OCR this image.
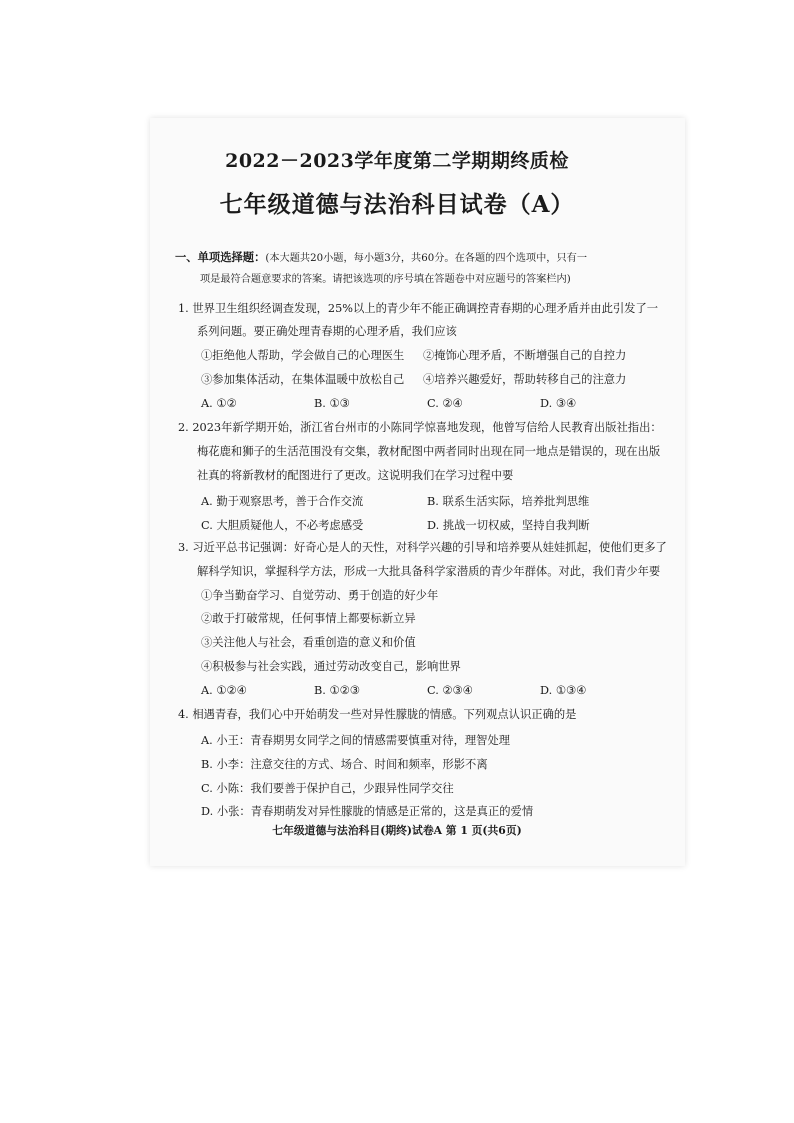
2022－2023学年度第二学期期终质检
七年级道德与法治科目试卷（A）
一、单项选择题：(本大题共20小题，每小题3分，共60分。在各题的四个选项中，只有一
项是最符合题意要求的答案。请把该选项的序号填在答题卷中对应题号的答案栏内)
1. 世界卫生组织经调查发现，25%以上的青少年不能正确调控青春期的心理矛盾并由此引发了一
系列问题。要正确处理青春期的心理矛盾，我们应该
①拒绝他人帮助，学会做自己的心理医生 ②掩饰心理矛盾，不断增强自己的自控力
③参加集体活动，在集体温暖中放松自己 ④培养兴趣爱好，帮助转移自己的注意力
A. ①②	B. ①③	C. ②④	D. ③④
2. 2023年新学期开始，浙江省台州市的小陈同学惊喜地发现，他曾写信给人民教育出版社指出：
梅花鹿和狮子的生活范围没有交集，教材配图中两者同时出现在同一地点是错误的，现在出版
社真的将新教材的配图进行了更改。这说明我们在学习过程中要
A. 勤于观察思考，善于合作交流	B. 联系生活实际，培养批判思维
C. 大胆质疑他人，不必考虑感受	D. 挑战一切权威，坚持自我判断
3. 习近平总书记强调：好奇心是人的天性，对科学兴趣的引导和培养要从娃娃抓起，使他们更多了
解科学知识，掌握科学方法，形成一大批具备科学家潜质的青少年群体。对此，我们青少年要
①争当勤奋学习、自觉劳动、勇于创造的好少年
②敢于打破常规，任何事情上都要标新立异
③关注他人与社会，看重创造的意义和价值
④积极参与社会实践，通过劳动改变自己，影响世界
A. ①②④	B. ①②③	C. ②③④	D. ①③④
4. 相遇青春，我们心中开始萌发一些对异性朦胧的情感。下列观点认识正确的是
A. 小王：青春期男女同学之间的情感需要慎重对待，理智处理
B. 小李：注意交往的方式、场合、时间和频率，形影不离
C. 小陈：我们要善于保护自己，少跟异性同学交往
D. 小张：青春期萌发对异性朦胧的情感是正常的，这是真正的爱情
七年级道德与法治科目(期终)试卷A 第 1 页(共6页)
